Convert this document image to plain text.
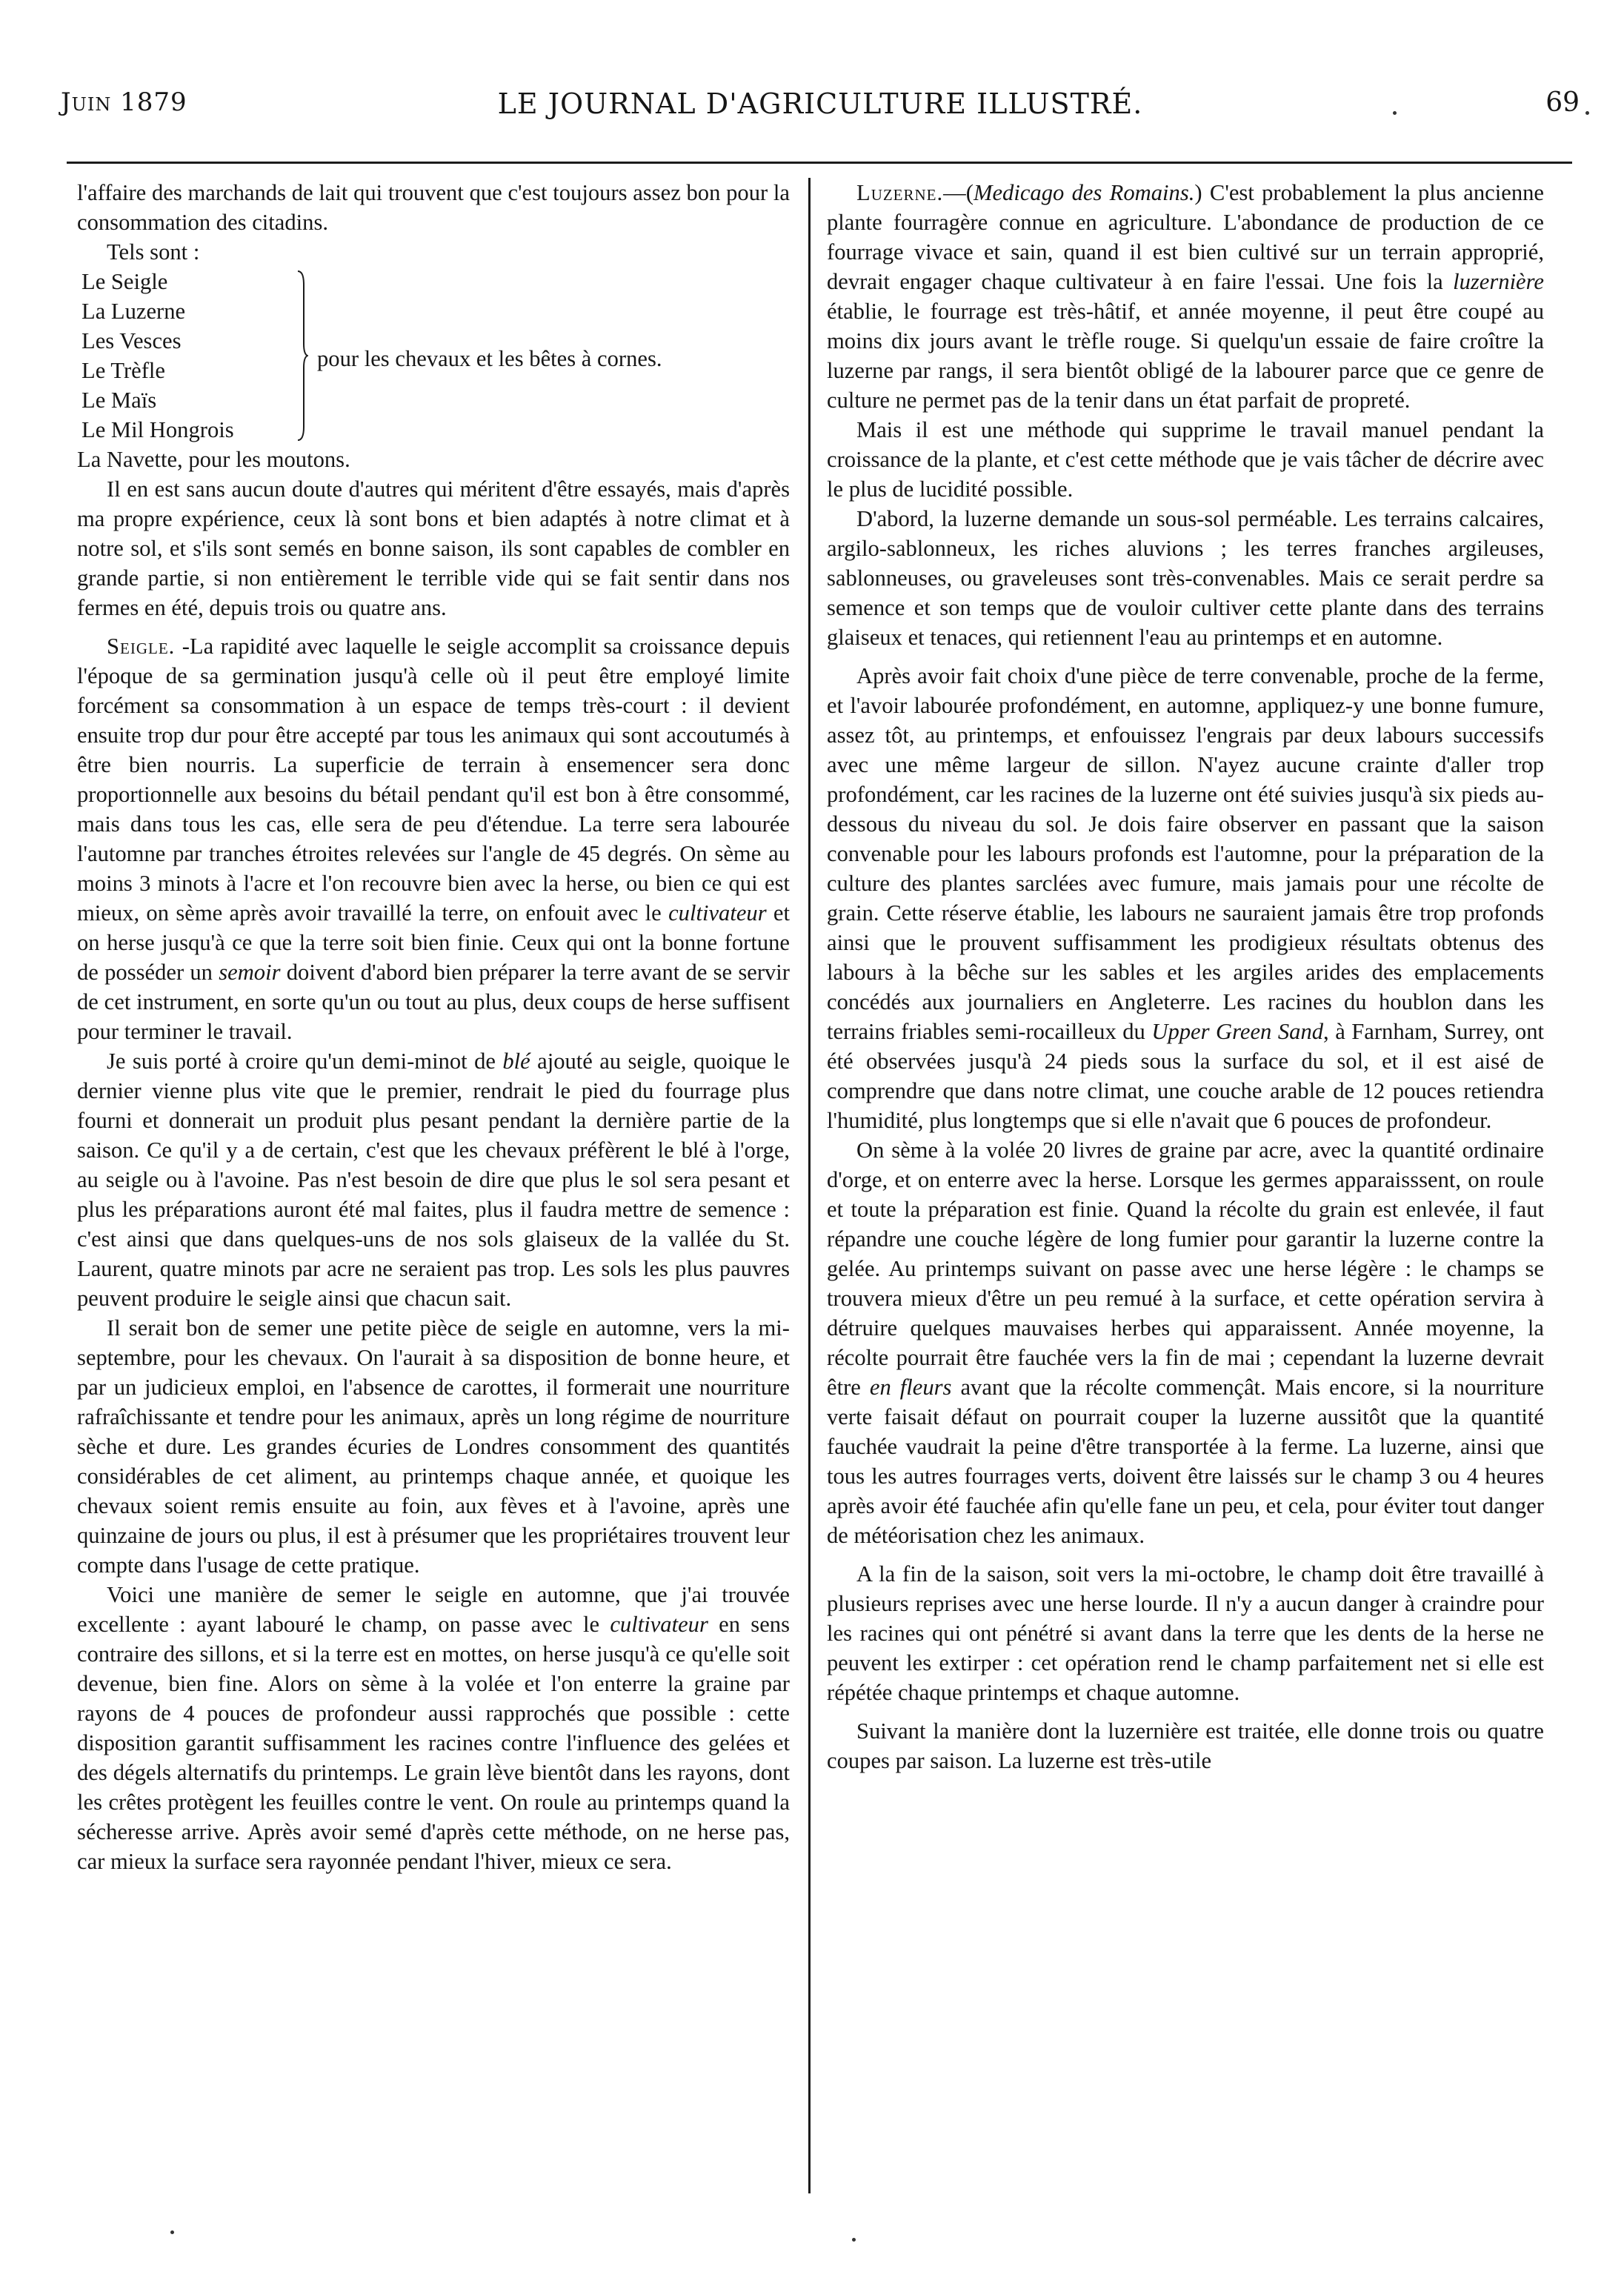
Juin 1879	LE JOURNAL D'AGRICULTURE ILLUSTRÉ.	69

l'affaire des marchands de lait qui trouvent que c'est toujours assez bon pour la consommation des citadins.

Tels sont :

Le Seigle
La Luzerne
Les Vesces
Le Trèfle
Le Maïs
Le Mil Hongrois
pour les chevaux et les bêtes à cornes.

La Navette, pour les moutons.

Il en est sans aucun doute d'autres qui méritent d'être essayés, mais d'après ma propre expérience, ceux là sont bons et bien adaptés à notre climat et à notre sol, et s'ils sont semés en bonne saison, ils sont capables de combler en grande partie, si non entièrement le terrible vide qui se fait sentir dans nos fermes en été, depuis trois ou quatre ans.

Seigle. -La rapidité avec laquelle le seigle accomplit sa croissance depuis l'époque de sa germination jusqu'à celle où il peut être employé limite forcément sa consommation à un espace de temps très-court : il devient ensuite trop dur pour être accepté par tous les animaux qui sont accoutumés à être bien nourris. La superficie de terrain à ensemencer sera donc proportionnelle aux besoins du bétail pendant qu'il est bon à être consommé, mais dans tous les cas, elle sera de peu d'étendue. La terre sera labourée l'automne par tranches étroites relevées sur l'angle de 45 degrés. On sème au moins 3 minots à l'acre et l'on recouvre bien avec la herse, ou bien ce qui est mieux, on sème après avoir travaillé la terre, on enfouit avec le cultivateur et on herse jusqu'à ce que la terre soit bien finie. Ceux qui ont la bonne fortune de posséder un semoir doivent d'abord bien préparer la terre avant de se servir de cet instrument, en sorte qu'un ou tout au plus, deux coups de herse suffisent pour terminer le travail.

Je suis porté à croire qu'un demi-minot de blé ajouté au seigle, quoique le dernier vienne plus vite que le premier, rendrait le pied du fourrage plus fourni et donnerait un produit plus pesant pendant la dernière partie de la saison. Ce qu'il y a de certain, c'est que les chevaux préfèrent le blé à l'orge, au seigle ou à l'avoine. Pas n'est besoin de dire que plus le sol sera pesant et plus les préparations auront été mal faites, plus il faudra mettre de semence : c'est ainsi que dans quelques-uns de nos sols glaiseux de la vallée du St. Laurent, quatre minots par acre ne seraient pas trop. Les sols les plus pauvres peuvent produire le seigle ainsi que chacun sait.

Il serait bon de semer une petite pièce de seigle en automne, vers la mi-septembre, pour les chevaux. On l'aurait à sa disposition de bonne heure, et par un judicieux emploi, en l'absence de carottes, il formerait une nourriture rafraîchissante et tendre pour les animaux, après un long régime de nourriture sèche et dure. Les grandes écuries de Londres consomment des quantités considérables de cet aliment, au printemps chaque année, et quoique les chevaux soient remis ensuite au foin, aux fèves et à l'avoine, après une quinzaine de jours ou plus, il est à présumer que les propriétaires trouvent leur compte dans l'usage de cette pratique.

Voici une manière de semer le seigle en automne, que j'ai trouvée excellente : ayant labouré le champ, on passe avec le cultivateur en sens contraire des sillons, et si la terre est en mottes, on herse jusqu'à ce qu'elle soit devenue, bien fine. Alors on sème à la volée et l'on enterre la graine par rayons de 4 pouces de profondeur aussi rapprochés que possible : cette disposition garantit suffisamment les racines contre l'influence des gelées et des dégels alternatifs du printemps. Le grain lève bientôt dans les rayons, dont les crêtes protègent les feuilles contre le vent. On roule au printemps quand la sécheresse arrive. Après avoir semé d'après cette méthode, on ne herse pas, car mieux la surface sera rayonnée pendant l'hiver, mieux ce sera.

Luzerne.—(Medicago des Romains.) C'est probablement la plus ancienne plante fourragère connue en agriculture. L'abondance de production de ce fourrage vivace et sain, quand il est bien cultivé sur un terrain approprié, devrait engager chaque cultivateur à en faire l'essai. Une fois la luzernière établie, le fourrage est très-hâtif, et année moyenne, il peut être coupé au moins dix jours avant le trèfle rouge. Si quelqu'un essaie de faire croître la luzerne par rangs, il sera bientôt obligé de la labourer parce que ce genre de culture ne permet pas de la tenir dans un état parfait de propreté.

Mais il est une méthode qui supprime le travail manuel pendant la croissance de la plante, et c'est cette méthode que je vais tâcher de décrire avec le plus de lucidité possible.

D'abord, la luzerne demande un sous-sol perméable. Les terrains calcaires, argilo-sablonneux, les riches aluvions ; les terres franches argileuses, sablonneuses, ou graveleuses sont très-convenables. Mais ce serait perdre sa semence et son temps que de vouloir cultiver cette plante dans des terrains glaiseux et tenaces, qui retiennent l'eau au printemps et en automne.

Après avoir fait choix d'une pièce de terre convenable, proche de la ferme, et l'avoir labourée profondément, en automne, appliquez-y une bonne fumure, assez tôt, au printemps, et enfouissez l'engrais par deux labours successifs avec une même largeur de sillon. N'ayez aucune crainte d'aller trop profondément, car les racines de la luzerne ont été suivies jusqu'à six pieds au-dessous du niveau du sol. Je dois faire observer en passant que la saison convenable pour les labours profonds est l'automne, pour la préparation de la culture des plantes sarclées avec fumure, mais jamais pour une récolte de grain. Cette réserve établie, les labours ne sauraient jamais être trop profonds ainsi que le prouvent suffisamment les prodigieux résultats obtenus des labours à la bêche sur les sables et les argiles arides des emplacements concédés aux journaliers en Angleterre. Les racines du houblon dans les terrains friables semi-rocailleux du Upper Green Sand, à Farnham, Surrey, ont été observées jusqu'à 24 pieds sous la surface du sol, et il est aisé de comprendre que dans notre climat, une couche arable de 12 pouces retiendra l'humidité, plus longtemps que si elle n'avait que 6 pouces de profondeur.

On sème à la volée 20 livres de graine par acre, avec la quantité ordinaire d'orge, et on enterre avec la herse. Lorsque les germes apparaisssent, on roule et toute la préparation est finie. Quand la récolte du grain est enlevée, il faut répandre une couche légère de long fumier pour garantir la luzerne contre la gelée. Au printemps suivant on passe avec une herse légère : le champs se trouvera mieux d'être un peu remué à la surface, et cette opération servira à détruire quelques mauvaises herbes qui apparaissent. Année moyenne, la récolte pourrait être fauchée vers la fin de mai ; cependant la luzerne devrait être en fleurs avant que la récolte commençât. Mais encore, si la nourriture verte faisait défaut on pourrait couper la luzerne aussitôt que la quantité fauchée vaudrait la peine d'être transportée à la ferme. La luzerne, ainsi que tous les autres fourrages verts, doivent être laissés sur le champ 3 ou 4 heures après avoir été fauchée afin qu'elle fane un peu, et cela, pour éviter tout danger de météorisation chez les animaux.

A la fin de la saison, soit vers la mi-octobre, le champ doit être travaillé à plusieurs reprises avec une herse lourde. Il n'y a aucun danger à craindre pour les racines qui ont pénétré si avant dans la terre que les dents de la herse ne peuvent les extirper : cet opération rend le champ parfaitement net si elle est répétée chaque printemps et chaque automne.

Suivant la manière dont la luzernière est traitée, elle donne trois ou quatre coupes par saison. La luzerne est très-utile
